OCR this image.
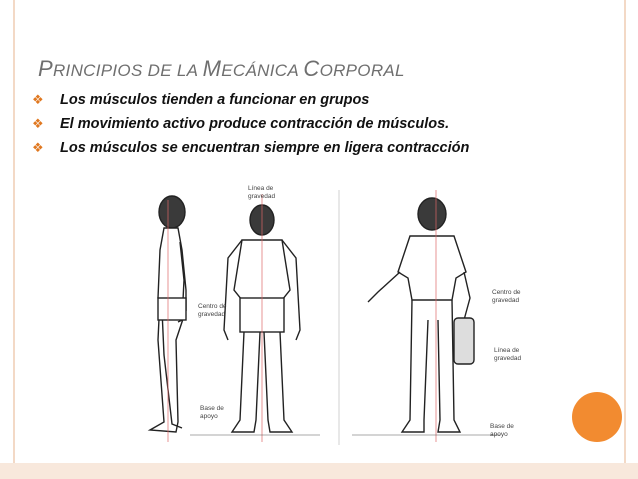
PRINCIPIOS DE LA MECÁNICA CORPORAL
❖	Los músculos tienden a funcionar en grupos
❖	El movimiento activo produce contracción de músculos.
❖	Los músculos se encuentran siempre en ligera contracción
Línea de
gravedad
Centro de
gravedad
Base de
apoyo
Centro de
gravedad
Línea de
gravedad
Base de
apoyo
